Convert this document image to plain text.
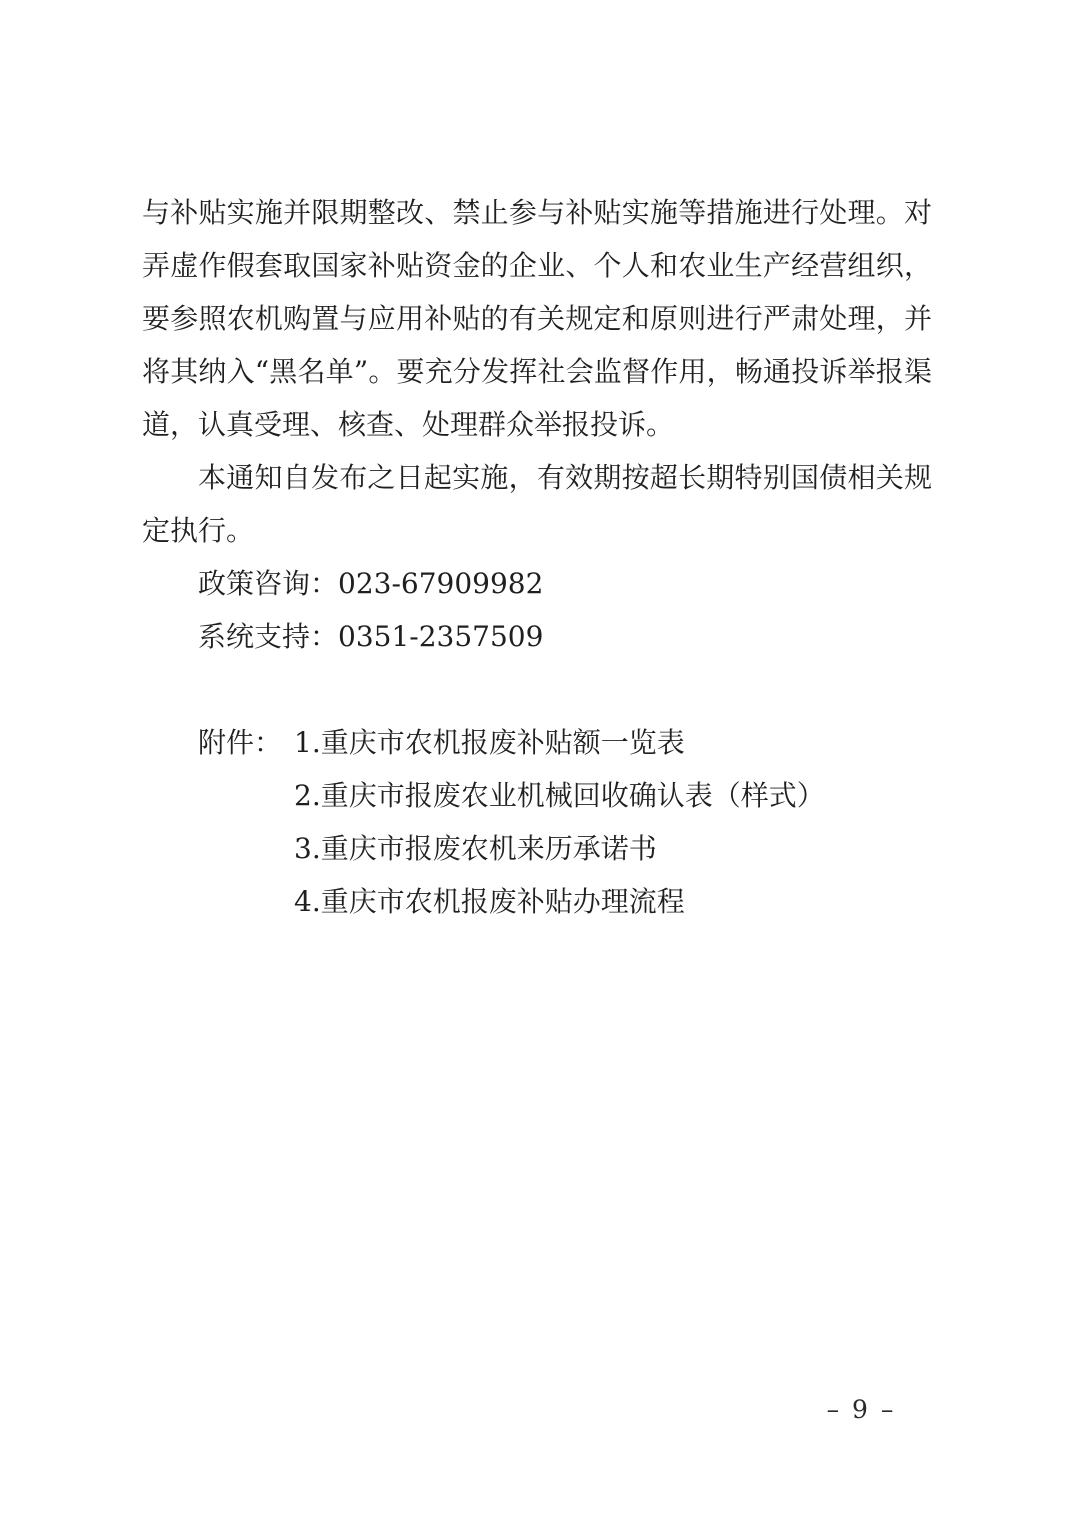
与补贴实施并限期整改、禁止参与补贴实施等措施进行处理。对
弄虚作假套取国家补贴资金的企业、个人和农业生产经营组织，
要参照农机购置与应用补贴的有关规定和原则进行严肃处理，并
将其纳入“黑名单”。要充分发挥社会监督作用，畅通投诉举报渠
道，认真受理、核查、处理群众举报投诉。
本通知自发布之日起实施，有效期按超长期特别国债相关规
定执行。
政策咨询：023-67909982
系统支持：0351-2357509
附件： 1.重庆市农机报废补贴额一览表
2.重庆市报废农业机械回收确认表（样式）
3.重庆市报废农机来历承诺书
4.重庆市农机报废补贴办理流程
– 9 –
